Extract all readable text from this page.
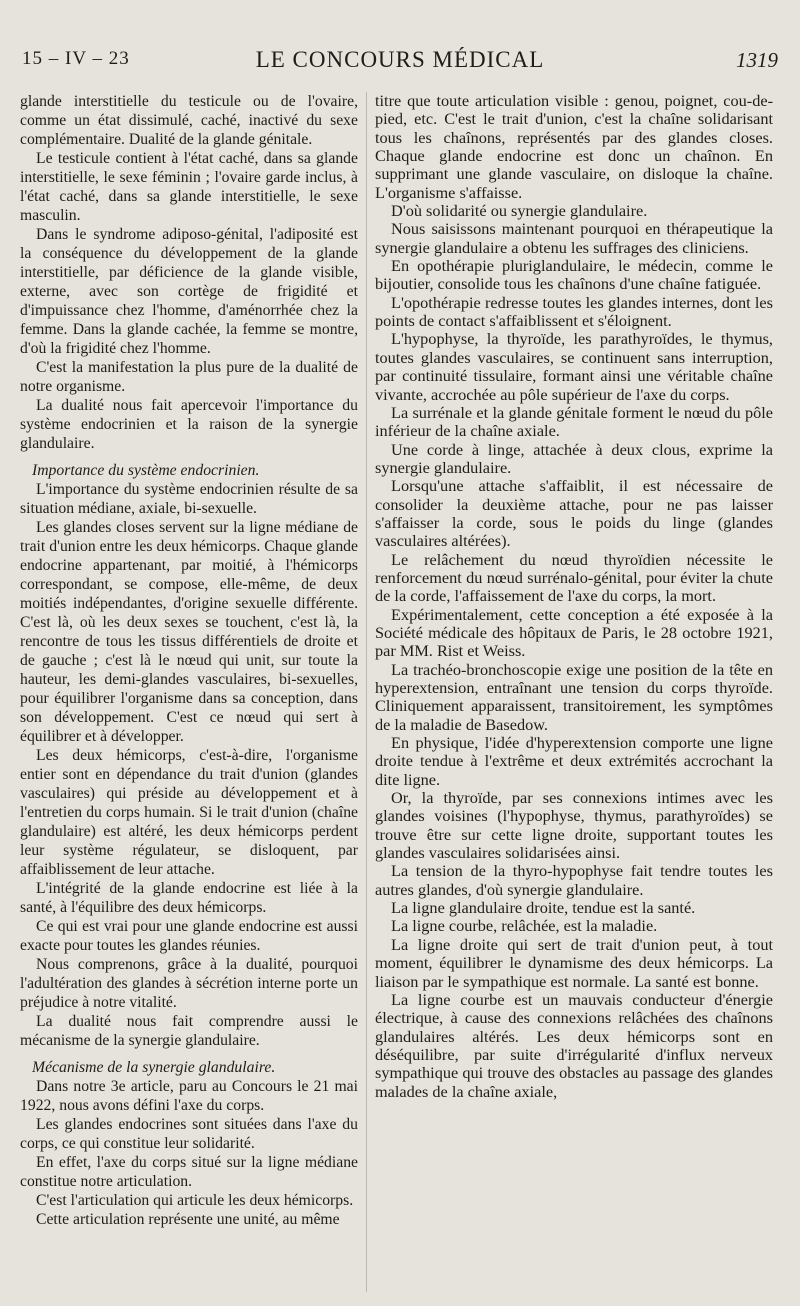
15 – IV – 23	LE CONCOURS MÉDICAL	1319

glande interstitielle du testicule ou de l'ovaire, comme un état dissimulé, caché, inactivé du sexe complémentaire. Dualité de la glande génitale.

Le testicule contient à l'état caché, dans sa glande interstitielle, le sexe féminin ; l'ovaire garde inclus, à l'état caché, dans sa glande interstitielle, le sexe masculin.

Dans le syndrome adiposo-génital, l'adiposité est la conséquence du développement de la glande interstitielle, par déficience de la glande visible, externe, avec son cortège de frigidité et d'impuissance chez l'homme, d'aménorrhée chez la femme. Dans la glande cachée, la femme se montre, d'où la frigidité chez l'homme.

C'est la manifestation la plus pure de la dualité de notre organisme.

La dualité nous fait apercevoir l'importance du système endocrinien et la raison de la synergie glandulaire.

Importance du système endocrinien.

L'importance du système endocrinien résulte de sa situation médiane, axiale, bi-sexuelle.

Les glandes closes servent sur la ligne médiane de trait d'union entre les deux hémicorps. Chaque glande endocrine appartenant, par moitié, à l'hémicorps correspondant, se compose, elle-même, de deux moitiés indépendantes, d'origine sexuelle différente. C'est là, où les deux sexes se touchent, c'est là, la rencontre de tous les tissus différentiels de droite et de gauche ; c'est là le nœud qui unit, sur toute la hauteur, les demi-glandes vasculaires, bi-sexuelles, pour équilibrer l'organisme dans sa conception, dans son développement. C'est ce nœud qui sert à équilibrer et à développer.

Les deux hémicorps, c'est-à-dire, l'organisme entier sont en dépendance du trait d'union (glandes vasculaires) qui préside au développement et à l'entretien du corps humain. Si le trait d'union (chaîne glandulaire) est altéré, les deux hémicorps perdent leur système régulateur, se disloquent, par affaiblissement de leur attache.

L'intégrité de la glande endocrine est liée à la santé, à l'équilibre des deux hémicorps.

Ce qui est vrai pour une glande endocrine est aussi exacte pour toutes les glandes réunies.

Nous comprenons, grâce à la dualité, pourquoi l'adultération des glandes à sécrétion interne porte un préjudice à notre vitalité.

La dualité nous fait comprendre aussi le mécanisme de la synergie glandulaire.

Mécanisme de la synergie glandulaire.

Dans notre 3e article, paru au Concours le 21 mai 1922, nous avons défini l'axe du corps.

Les glandes endocrines sont situées dans l'axe du corps, ce qui constitue leur solidarité.

En effet, l'axe du corps situé sur la ligne médiane constitue notre articulation.

C'est l'articulation qui articule les deux hémicorps.

Cette articulation représente une unité, au même

titre que toute articulation visible : genou, poignet, cou-de-pied, etc. C'est le trait d'union, c'est la chaîne solidarisant tous les chaînons, représentés par des glandes closes. Chaque glande endocrine est donc un chaînon. En supprimant une glande vasculaire, on disloque la chaîne. L'organisme s'affaisse.

D'où solidarité ou synergie glandulaire.

Nous saisissons maintenant pourquoi en thérapeutique la synergie glandulaire a obtenu les suffrages des cliniciens.

En opothérapie pluriglandulaire, le médecin, comme le bijoutier, consolide tous les chaînons d'une chaîne fatiguée.

L'opothérapie redresse toutes les glandes internes, dont les points de contact s'affaiblissent et s'éloignent.

L'hypophyse, la thyroïde, les parathyroïdes, le thymus, toutes glandes vasculaires, se continuent sans interruption, par continuité tissulaire, formant ainsi une véritable chaîne vivante, accrochée au pôle supérieur de l'axe du corps.

La surrénale et la glande génitale forment le nœud du pôle inférieur de la chaîne axiale.

Une corde à linge, attachée à deux clous, exprime la synergie glandulaire.

Lorsqu'une attache s'affaiblit, il est nécessaire de consolider la deuxième attache, pour ne pas laisser s'affaisser la corde, sous le poids du linge (glandes vasculaires altérées).

Le relâchement du nœud thyroïdien nécessite le renforcement du nœud surrénalo-génital, pour éviter la chute de la corde, l'affaissement de l'axe du corps, la mort.

Expérimentalement, cette conception a été exposée à la Société médicale des hôpitaux de Paris, le 28 octobre 1921, par MM. Rist et Weiss.

La trachéo-bronchoscopie exige une position de la tête en hyperextension, entraînant une tension du corps thyroïde. Cliniquement apparaissent, transitoirement, les symptômes de la maladie de Basedow.

En physique, l'idée d'hyperextension comporte une ligne droite tendue à l'extrême et deux extrémités accrochant la dite ligne.

Or, la thyroïde, par ses connexions intimes avec les glandes voisines (l'hypophyse, thymus, parathyroïdes) se trouve être sur cette ligne droite, supportant toutes les glandes vasculaires solidarisées ainsi.

La tension de la thyro-hypophyse fait tendre toutes les autres glandes, d'où synergie glandulaire.

La ligne glandulaire droite, tendue est la santé.

La ligne courbe, relâchée, est la maladie.

La ligne droite qui sert de trait d'union peut, à tout moment, équilibrer le dynamisme des deux hémicorps. La liaison par le sympathique est normale. La santé est bonne.

La ligne courbe est un mauvais conducteur d'énergie électrique, à cause des connexions relâchées des chaînons glandulaires altérés. Les deux hémicorps sont en déséquilibre, par suite d'irrégularité d'influx nerveux sympathique qui trouve des obstacles au passage des glandes malades de la chaîne axiale,
